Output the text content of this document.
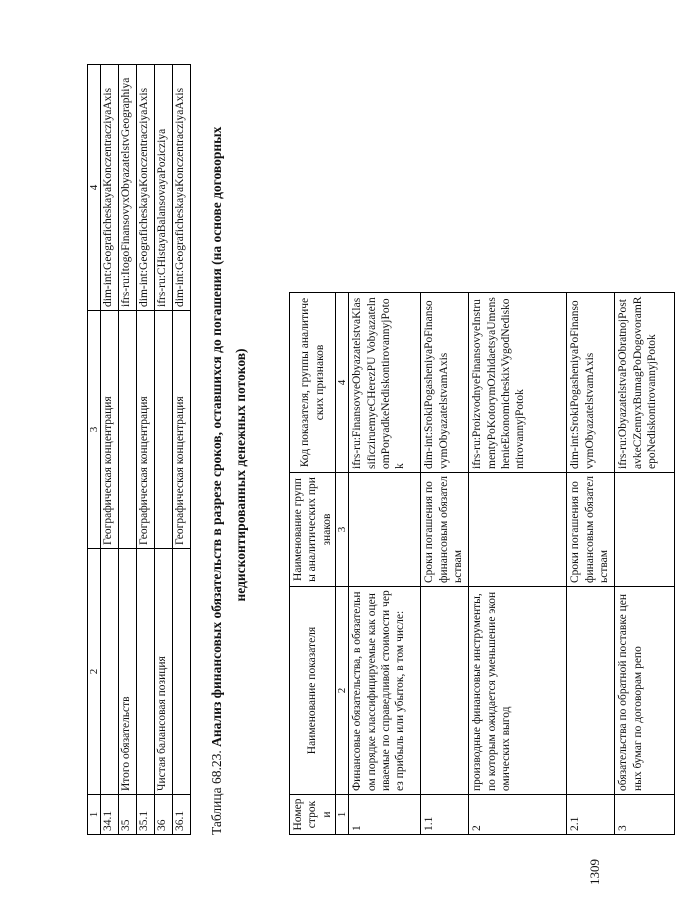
1309
1	2	3	4
34.1		Географическая концентрация	dim-int:GeograficheskayaKonczentracziyaAxis
35	Итого обязательств		ifrs-ru:ItogoFinansovyxObyazatelstvGeographiya
35.1		Географическая концентрация	dim-int:GeograficheskayaKonczentracziyaAxis
36	Чистая балансовая позиция		ifrs-ru:CHistayaBalansovayaPozicziya
36.1		Географическая концентрация	dim-int:GeograficheskayaKonczentracziyaAxis
Таблица 68.23. Анализ финансовых обязательств в разрезе сроков, оставшихся до погашения (на основе договорных недисконтированных денежных потоков)
Номер строки	Наименование показателя	Наименование группы аналитических признаков	Код показателя, группы аналитических признаков
1	2	3	4
1	Финансовые обязательства, в обязательном порядке классифицируемые как оцениваемые по справедливой стоимости через прибыль или убыток, в том числе:		ifrs-ru:FinansovyeObyazatelstvaKlassificziruemyeCHerezPU VobyazatelnomPoryadkeNediskontirovannyjPotok
1.1		Сроки погашения по финансовым обязательствам	dim-int:SrokiPogasheniyaPoFinansovymObyazatelstvamAxis
2	производные финансовые инструменты, по которым ожидается уменьшение экономических выгод		ifrs-ru:ProizvodnyeFinansovyeInstrumentyPoKotorymOzhidaetsyaUmensheniеEkonomicheskixVygodNediskontirovannyjPotok
2.1		Сроки погашения по финансовым обязательствам	dim-int:SrokiPogasheniyaPoFinansovymObyazatelstvamAxis
3	обязательства по обратной поставке ценных бумаг по договорам репо		ifrs-ru:ObyazatelstvaPoObratnojPostavkeCZennyxBumagPoDogovoramRepoNediskontirovannyjPotok
